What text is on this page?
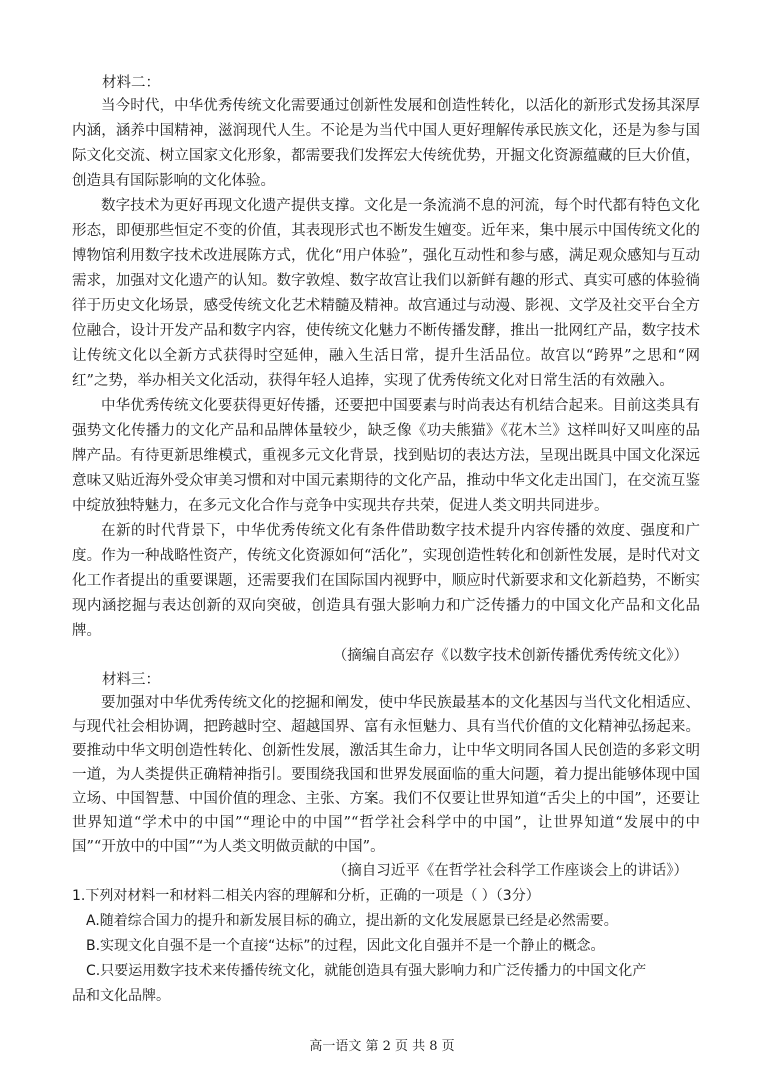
材料二：

当今时代，中华优秀传统文化需要通过创新性发展和创造性转化，以活化的新形式发扬其深厚内涵，涵养中国精神，滋润现代人生。不论是为当代中国人更好理解传承民族文化，还是为参与国际文化交流、树立国家文化形象，都需要我们发挥宏大传统优势，开掘文化资源蕴藏的巨大价值，创造具有国际影响的文化体验。

数字技术为更好再现文化遗产提供支撑。文化是一条流淌不息的河流，每个时代都有特色文化形态，即便那些恒定不变的价值，其表现形式也不断发生嬗变。近年来，集中展示中国传统文化的博物馆利用数字技术改进展陈方式，优化“用户体验”，强化互动性和参与感，满足观众感知与互动需求，加强对文化遗产的认知。数字敦煌、数字故宫让我们以新鲜有趣的形式、真实可感的体验徜徉于历史文化场景，感受传统文化艺术精髓及精神。故宫通过与动漫、影视、文学及社交平台全方位融合，设计开发产品和数字内容，使传统文化魅力不断传播发酵，推出一批网红产品，数字技术让传统文化以全新方式获得时空延伸，融入生活日常，提升生活品位。故宫以“跨界”之思和“网红”之势，举办相关文化活动，获得年轻人追捧，实现了优秀传统文化对日常生活的有效融入。

中华优秀传统文化要获得更好传播，还要把中国要素与时尚表达有机结合起来。目前这类具有强势文化传播力的文化产品和品牌体量较少，缺乏像《功夫熊猫》《花木兰》这样叫好又叫座的品牌产品。有待更新思维模式，重视多元文化背景，找到贴切的表达方法，呈现出既具中国文化深远意味又贴近海外受众审美习惯和对中国元素期待的文化产品，推动中华文化走出国门，在交流互鉴中绽放独特魅力，在多元文化合作与竞争中实现共存共荣，促进人类文明共同进步。

在新的时代背景下，中华优秀传统文化有条件借助数字技术提升内容传播的效度、强度和广度。作为一种战略性资产，传统文化资源如何“活化”，实现创造性转化和创新性发展，是时代对文化工作者提出的重要课题，还需要我们在国际国内视野中，顺应时代新要求和文化新趋势，不断实现内涵挖掘与表达创新的双向突破，创造具有强大影响力和广泛传播力的中国文化产品和文化品牌。

（摘编自高宏存《以数字技术创新传播优秀传统文化》）

材料三：

要加强对中华优秀传统文化的挖掘和阐发，使中华民族最基本的文化基因与当代文化相适应、与现代社会相协调，把跨越时空、超越国界、富有永恒魅力、具有当代价值的文化精神弘扬起来。要推动中华文明创造性转化、创新性发展，激活其生命力，让中华文明同各国人民创造的多彩文明一道，为人类提供正确精神指引。要围绕我国和世界发展面临的重大问题，着力提出能够体现中国立场、中国智慧、中国价值的理念、主张、方案。我们不仅要让世界知道“舌尖上的中国”，还要让世界知道“学术中的中国”“理论中的中国”“哲学社会科学中的中国”，让世界知道“发展中的中国”“开放中的中国”“为人类文明做贡献的中国”。

（摘自习近平《在哲学社会科学工作座谈会上的讲话》）

1.下列对材料一和材料二相关内容的理解和分析，正确的一项是（ ）（3分）

A.随着综合国力的提升和新发展目标的确立，提出新的文化发展愿景已经是必然需要。

B.实现文化自强不是一个直接“达标”的过程，因此文化自强并不是一个静止的概念。

C.只要运用数字技术来传播传统文化，就能创造具有强大影响力和广泛传播力的中国文化产

品和文化品牌。

高一语文 第 2 页 共 8 页
